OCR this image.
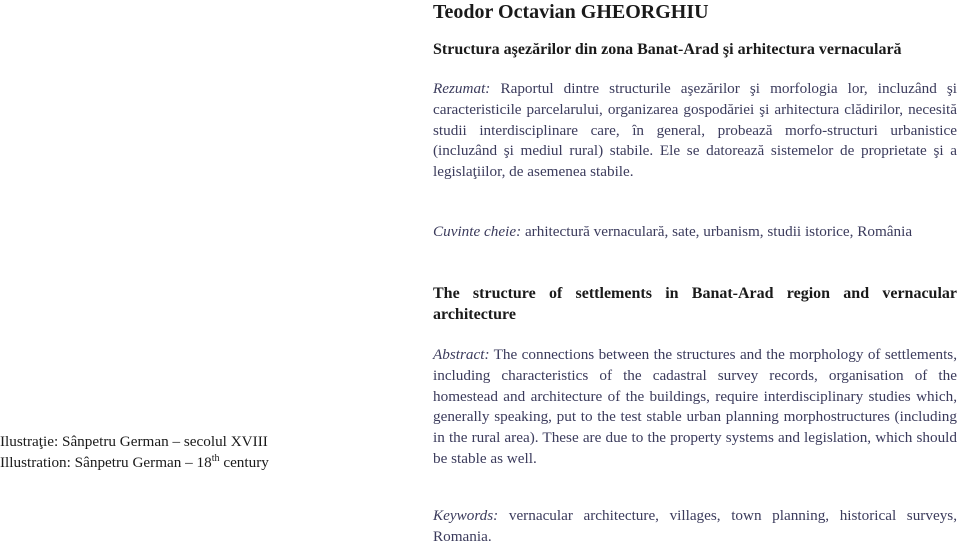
Teodor Octavian GHEORGHIU
Structura aşezărilor din zona Banat-Arad şi arhitectura vernaculară
Rezumat: Raportul dintre structurile aşezărilor şi morfologia lor, incluzând şi caracteristicile parcelarului, organizarea gospodăriei şi arhitectura clădirilor, necesită studii interdisciplinare care, în general, probează morfo-structuri urbanistice (incluzând şi mediul rural) stabile. Ele se datorează sistemelor de proprietate şi a legislaţiilor, de asemenea stabile.
Cuvinte cheie: arhitectură vernaculară, sate, urbanism, studii istorice, România
The structure of settlements in Banat-Arad region and vernacular architecture
Abstract: The connections between the structures and the morphology of settlements, including characteristics of the cadastral survey records, organisation of the homestead and architecture of the buildings, require interdisciplinary studies which, generally speaking, put to the test stable urban planning morphostructures (including in the rural area). These are due to the property systems and legislation, which should be stable as well.
Keywords: vernacular architecture, villages, town planning, historical surveys, Romania.
Ilustraţie: Sânpetru German – secolul XVIII
Illustration: Sânpetru German – 18th century
